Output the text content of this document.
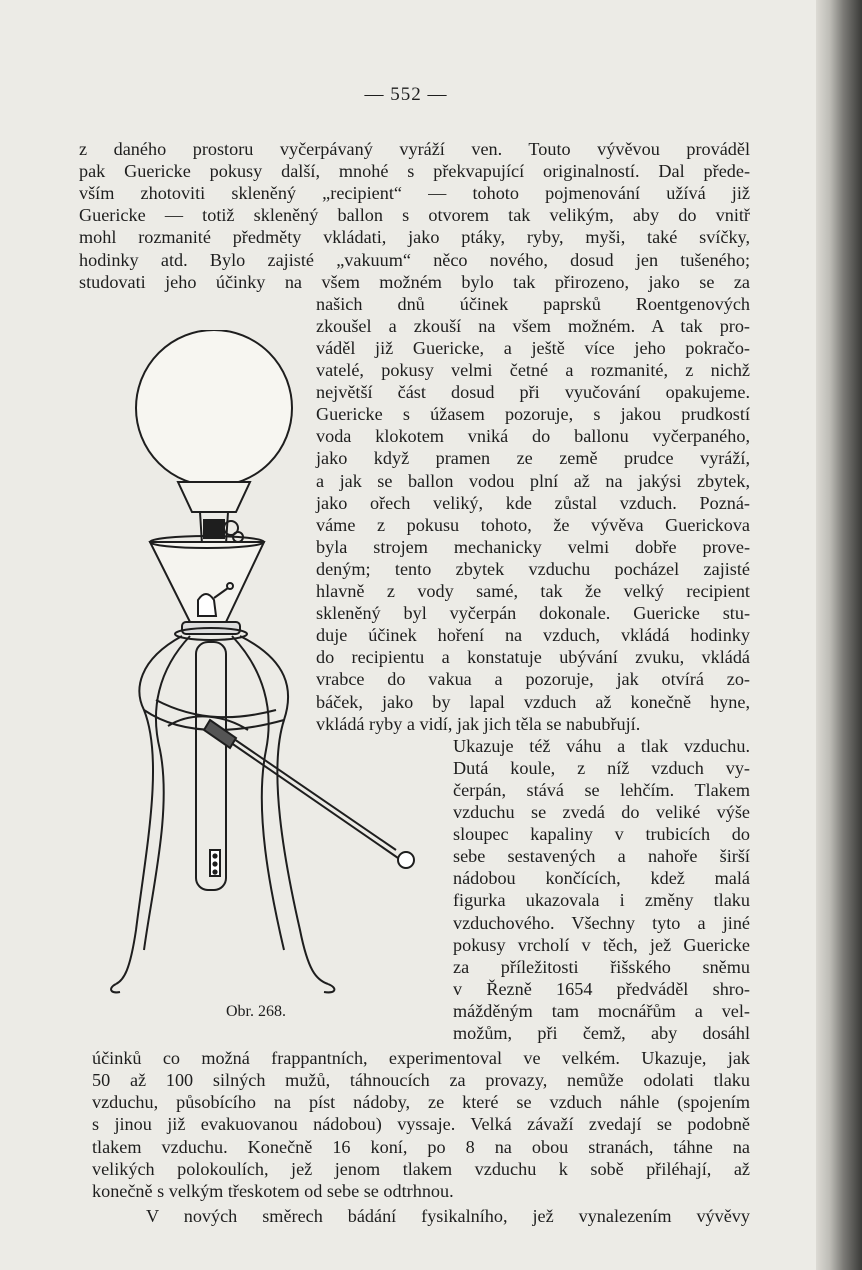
— 552 —
z daného prostoru vyčerpávaný vyráží ven. Touto vývěvou prováděl
pak Guericke pokusy další, mnohé s překvapující originalností. Dal přede-
vším zhotoviti skleněný „recipient“ — tohoto pojmenování užívá již
Guericke — totiž skleněný ballon s otvorem tak velikým, aby do vnitř
mohl rozmanité předměty vkládati, jako ptáky, ryby, myši, také svíčky,
hodinky atd. Bylo zajisté „vakuum“ něco nového, dosud jen tušeného;
studovati jeho účinky na všem možném bylo tak přirozeno, jako se za
našich dnů účinek paprsků Roentgenových
zkoušel a zkouší na všem možném. A tak pro-
váděl již Guericke, a ještě více jeho pokračo-
vatelé, pokusy velmi četné a rozmanité, z nichž
největší část dosud při vyučování opakujeme.
Guericke s úžasem pozoruje, s jakou prudkostí
voda klokotem vniká do ballonu vyčerpaného,
jako když pramen ze země prudce vyráží,
a jak se ballon vodou plní až na jakýsi zbytek,
jako ořech veliký, kde zůstal vzduch. Pozná-
váme z pokusu tohoto, že vývěva Guerickova
byla strojem mechanicky velmi dobře prove-
deným; tento zbytek vzduchu pocházel zajisté
hlavně z vody samé, tak že velký recipient
skleněný byl vyčerpán dokonale. Guericke stu-
duje účinek hoření na vzduch, vkládá hodinky
do recipientu a konstatuje ubývání zvuku, vkládá
vrabce do vakua a pozoruje, jak otvírá zo-
báček, jako by lapal vzduch až konečně hyne,
vkládá ryby a vidí, jak jich těla se nabubřují.
Ukazuje též váhu a tlak vzduchu.
Dutá koule, z níž vzduch vy-
čerpán, stává se lehčím. Tlakem
vzduchu se zvedá do veliké výše
sloupec kapaliny v trubicích do
sebe sestavených a nahoře širší
nádobou končících, kdež malá
figurka ukazovala i změny tlaku
vzduchového. Všechny tyto a jiné
pokusy vrcholí v těch, jež Guericke
za příležitosti řišského sněmu
v Řezně 1654 předváděl shro-
mážděným tam mocnářům a vel-
možům, při čemž, aby dosáhl
účinků co možná frappantních, experimentoval ve velkém. Ukazuje, jak
50 až 100 silných mužů, táhnoucích za provazy, nemůže odolati tlaku
vzduchu, působícího na píst nádoby, ze které se vzduch náhle (spojením
s jinou již evakuovanou nádobou) vyssaje. Velká závaží zvedají se podobně
tlakem vzduchu. Konečně 16 koní, po 8 na obou stranách, táhne na
velikých polokoulích, jež jenom tlakem vzduchu k sobě přiléhají, až
konečně s velkým třeskotem od sebe se odtrhnou.
V nových směrech bádání fysikalního, jež vynalezením vývěvy
Obr. 268.
